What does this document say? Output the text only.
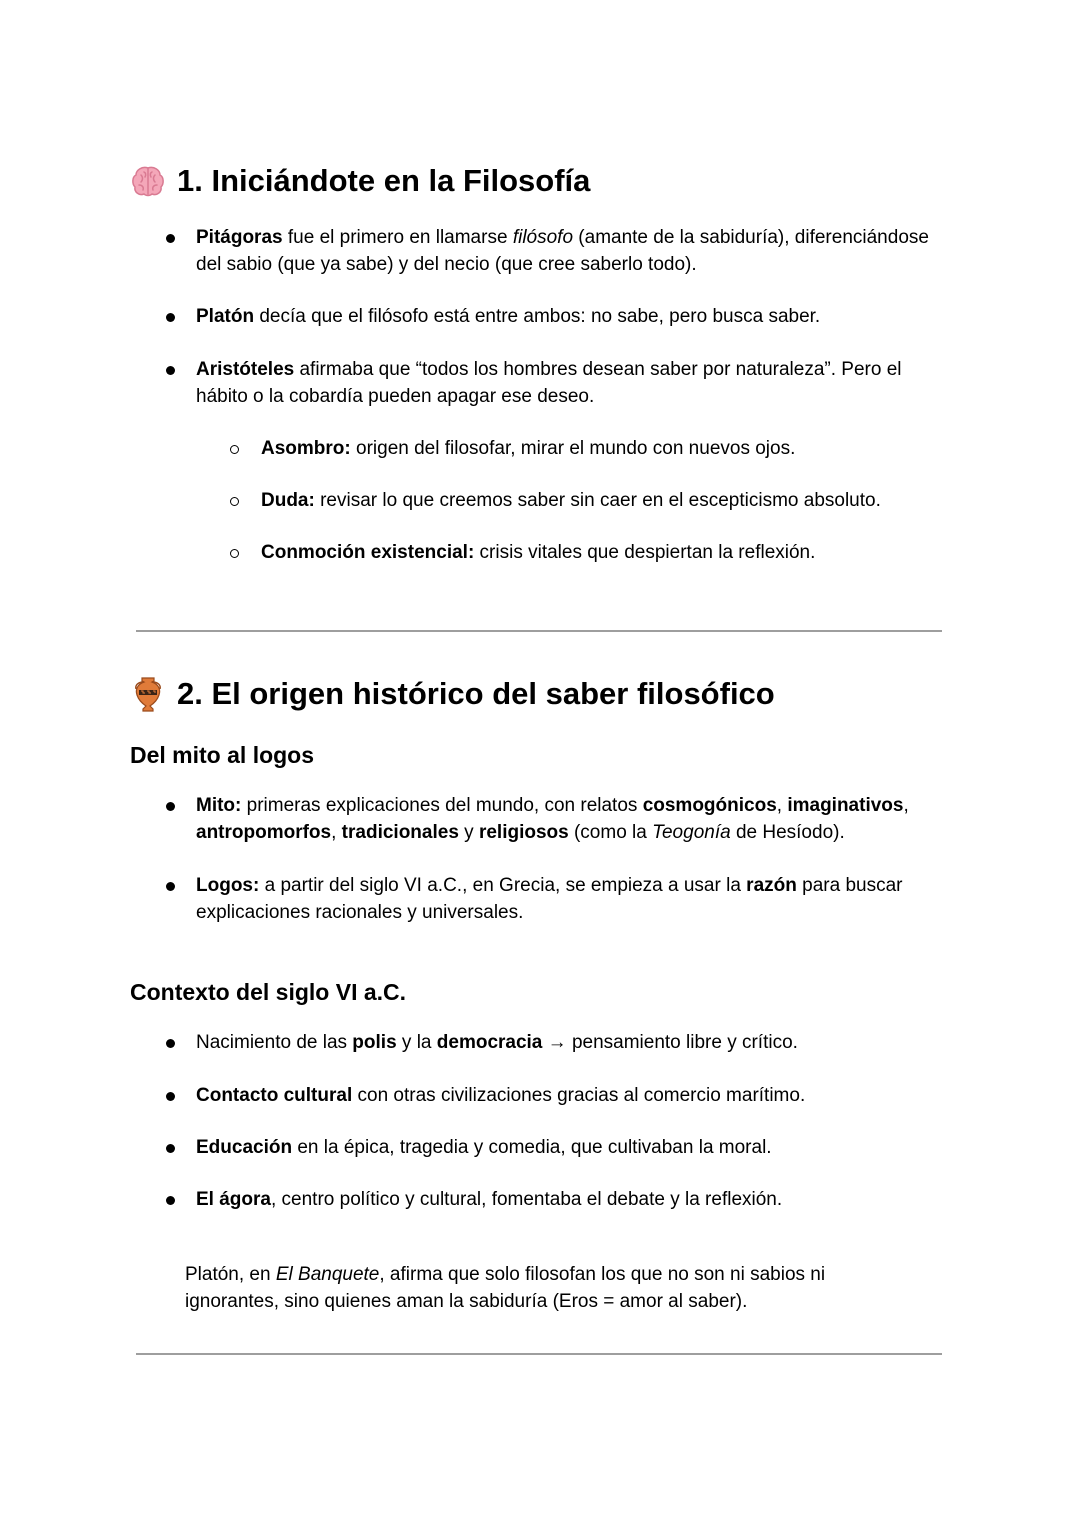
1. Iniciándote en la Filosofía
Pitágoras fue el primero en llamarse filósofo (amante de la sabiduría), diferenciándose del sabio (que ya sabe) y del necio (que cree saberlo todo).
Platón decía que el filósofo está entre ambos: no sabe, pero busca saber.
Aristóteles afirmaba que “todos los hombres desean saber por naturaleza”. Pero el hábito o la cobardía pueden apagar ese deseo.
Asombro: origen del filosofar, mirar el mundo con nuevos ojos.
Duda: revisar lo que creemos saber sin caer en el escepticismo absoluto.
Conmoción existencial: crisis vitales que despiertan la reflexión.
2. El origen histórico del saber filosófico
Del mito al logos
Mito: primeras explicaciones del mundo, con relatos cosmogónicos, imaginativos, antropomorfos, tradicionales y religiosos (como la Teogonía de Hesíodo).
Logos: a partir del siglo VI a.C., en Grecia, se empieza a usar la razón para buscar explicaciones racionales y universales.
Contexto del siglo VI a.C.
Nacimiento de las polis y la democracia → pensamiento libre y crítico.
Contacto cultural con otras civilizaciones gracias al comercio marítimo.
Educación en la épica, tragedia y comedia, que cultivaban la moral.
El ágora, centro político y cultural, fomentaba el debate y la reflexión.
Platón, en El Banquete, afirma que solo filosofan los que no son ni sabios ni ignorantes, sino quienes aman la sabiduría (Eros = amor al saber).
